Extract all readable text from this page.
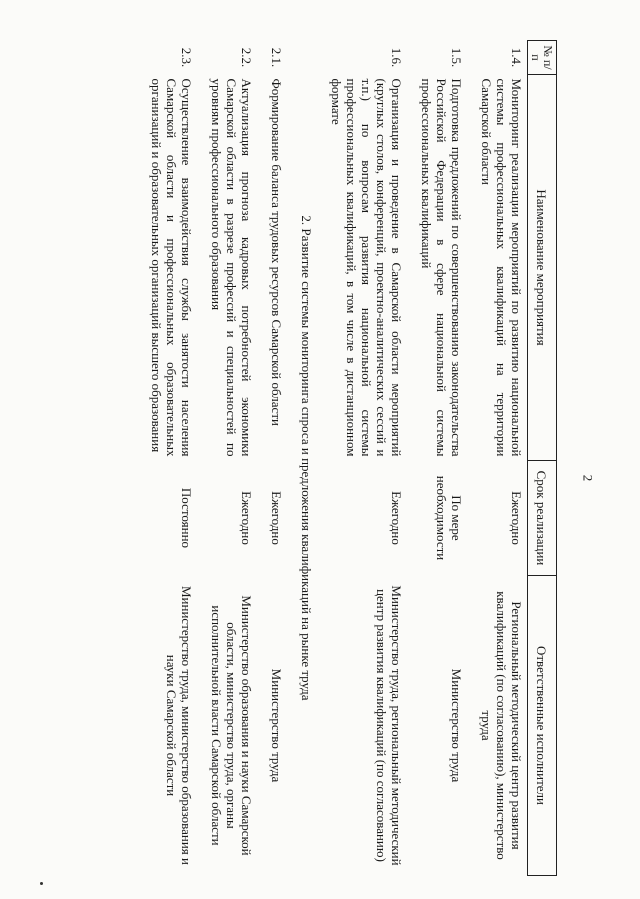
2
№ п/п	Наименование мероприятия	Срок реализации	Ответственные исполнители
1.4.	Мониторинг реализации мероприятий по развитию национальной системы профессиональных квалификаций на территории Самарской области	Ежегодно	Региональный методический центр развития квалификаций (по согласованию), министерство труда
1.5.	Подготовка предложений по совершенствованию законодательства Российской Федерации в сфере национальной системы профессиональных квалификаций	По мере необходимости	Министерство труда
1.6.	Организация и проведение в Самарской области мероприятий (круглых столов, конференций, проектно-аналитических сессий и т.п.) по вопросам развития национальной системы профессиональных квалификаций, в том числе в дистанционном формате	Ежегодно	Министерство труда, региональный методический центр развития квалификаций (по согласованию)
2. Развитие системы мониторинга спроса и предложения квалификаций на рынке труда			
2.1.	Формирование баланса трудовых ресурсов Самарской области	Ежегодно	Министерство труда
2.2.	Актуализация прогноза кадровых потребностей экономики Самарской области в разрезе профессий и специальностей по уровням профессионального образования	Ежегодно	Министерство образования и науки Самарской области, министерство труда, органы исполнительной власти Самарской области
2.3.	Осуществление взаимодействия службы занятости населения Самарской области и профессиональных образовательных организаций и образовательных организаций высшего образования	Постоянно	Министерство труда, министерство образования и науки Самарской области
